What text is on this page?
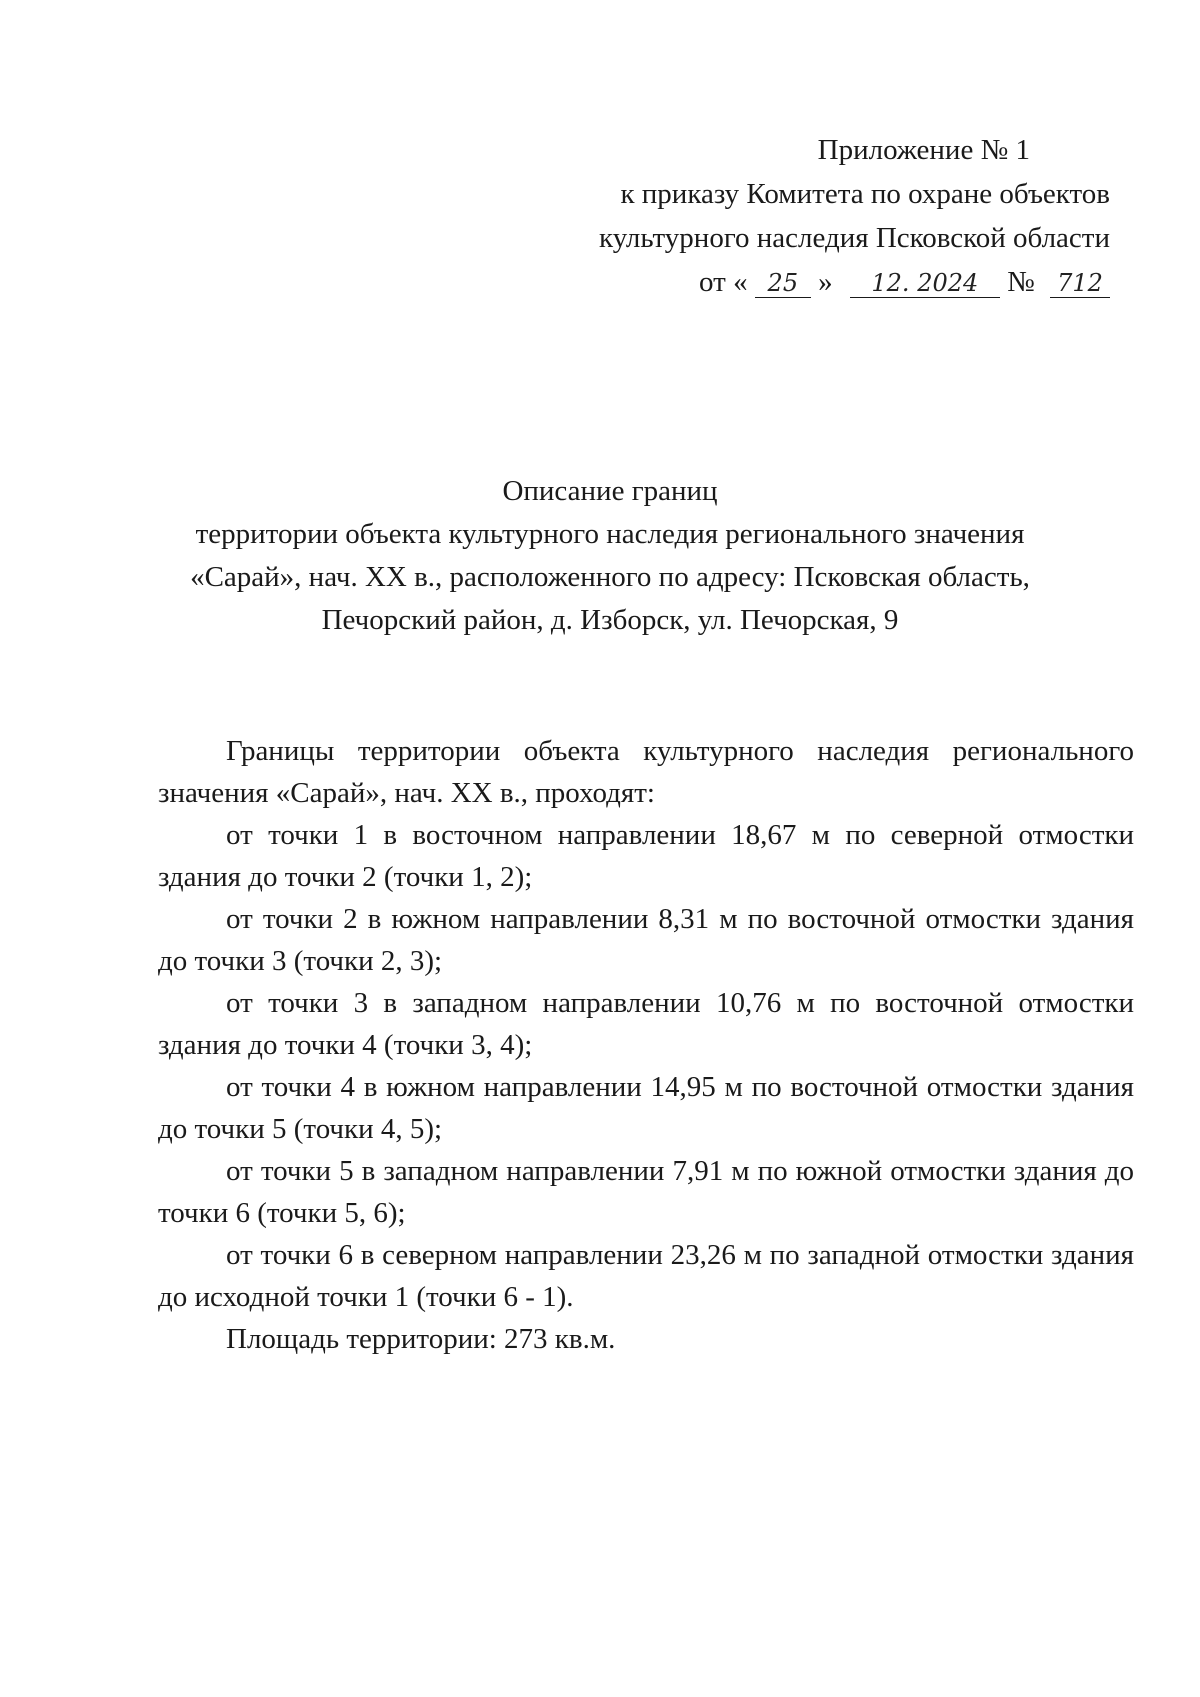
Приложение № 1
к приказу Комитета по охране объектов
культурного наследия Псковской области
от « 25 » 12. 2024 № 712
Описание границ
территории объекта культурного наследия регионального значения
«Сарай», нач. XX в., расположенного по адресу: Псковская область,
Печорский район, д. Изборск, ул. Печорская, 9

Границы территории объекта культурного наследия регионального значения «Сарай», нач. XX в., проходят:

от точки 1 в восточном направлении 18,67 м по северной отмостки здания до точки 2 (точки 1, 2);

от точки 2 в южном направлении 8,31 м по восточной отмостки здания до точки 3 (точки 2, 3);

от точки 3 в западном направлении 10,76 м по восточной отмостки здания до точки 4 (точки 3, 4);

от точки 4 в южном направлении 14,95 м по восточной отмостки здания до точки 5 (точки 4, 5);

от точки 5 в западном направлении 7,91 м по южной отмостки здания до точки 6 (точки 5, 6);

от точки 6 в северном направлении 23,26 м по западной отмостки здания до исходной точки 1 (точки 6 - 1).

Площадь территории: 273 кв.м.
